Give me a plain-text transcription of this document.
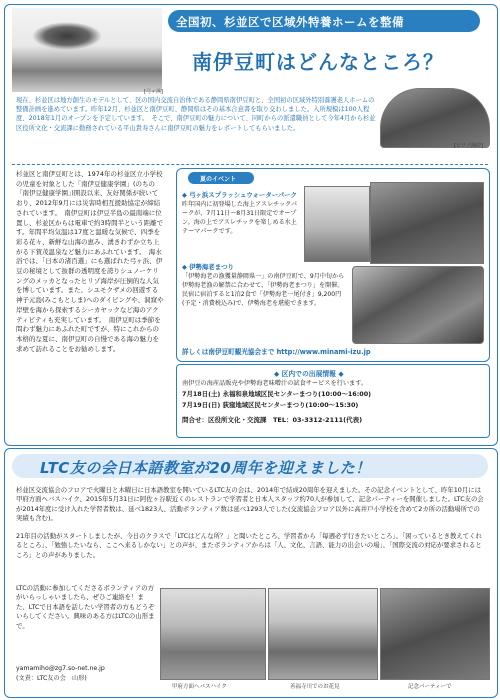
[弓ヶ浜]
全国初、杉並区で区域外特養ホームを整備
南伊豆町はどんなところ？
[ヒリゾ海岸]
現在、杉並区は地方創生のモデルとして、区の国内交流自治体である静岡県南伊豆町と、全国初の区域外特別養護老人ホームの整備計画を進めています。昨年12月、杉並区と南伊豆町、静岡県はその基本合意書を取り交わしました。入所規模は100人程度、2018年1月のオープンを予定しています。　そこで、南伊豆町の魅力について、同町からの派遣職員として今年4月から杉並区役所文化・交流課に勤務されている平山貴寿さんに南伊豆町の魅力をレポートしてもらいました。
杉並区と南伊豆町とは、1974年の杉並区立小学校の児童を対象とした「南伊豆健康学園」(のちの「南伊豆健康学園」)開設以来、友好関係が続いており、2012年9月には災害時相互援助協定が締結されています。　南伊豆町は伊豆半島の最南端に位置し、杉並区からは電車で約3時間半という距離です。年間平均気温は17度と温暖な気候で、四季を彩る花々、新鮮な山海の恵み、湧きわずか立ち上がる下賀茂温泉など魅力にあふれています。　海水浴では、「日本の渚百選」にも選ばれた弓ヶ浜、伊豆の秘境として抜群の透明度を誇りシュノーケリングのメッカとなったヒリゾ海岸が圧倒的な人気を博しています。また、シユモクザメの回遊する神子元島(みこもとしま)へのダイビングや、洞窟や岸壁を海から探索するシーカヤックなど海のアクティビティも充実しています。　南伊豆町は季節を問わず魅力にあふれた町ですが、特にこれからの本格的な夏に、南伊豆町の自慢である海の魅力を求めて訪れることをお勧めします。
夏のイベント
◆ 弓ヶ浜スプラッシュウォーターパーク
昨年国内に初登場した海上アスレチックパークが、7月11日～8月31日限定でオープン。海の上でアスレチックを楽しめる水上テーマパークです。
◆ 伊勢海老まつり
「伊勢海老の漁獲量静岡県一」の南伊豆町で、9月中旬から伊勢海老漁の解禁に合わせて、「伊勢海老まつり」を開催。民宿に宿泊すると1泊2食で「伊勢海老一尾付き」9,200円(予定・消費税込み)で、伊勢海老を堪能できます。
詳しくは南伊豆町観光協会まで http://www.minami-izu.jp
◆ 区内での出展情報 ◆
南伊豆の海産品販売や伊勢海老味噌汁の試食サービスを行います。
7月18日(土) 永福和泉地域区民センターまつり(10:00～16:00)
7月19日(日) 荻窪地域区民センターまつり(10:00～15:30)
問合せ：区役所文化・交流課　TEL：03-3312-2111(代表)
LTC友の会日本語教室が20周年を迎えました！
杉並区交流協会のフロアで火曜日と木曜日に日本語教室を開いているLTC友の会は、2014年で結成20周年を迎えました。その記念イベントとして、昨年10月には甲府方面へバスハイク、2015年5月31日に阿佐ヶ谷駅近くのレストランで学習者と日本人スタッフ約70人が参加して、記念パーティーを開催しました。LTC友の会が2014年度に受け入れた学習者数は、延べ1823人、活動ボランティア数は延べ1293人でした(交流協会フロア以外に高井戸小学校を含めて2カ所の活動場所での実績も含む)。
21年目の活動がスタートしましたが、今日のクラスで「LTCはどんな所？」と聞いたところ、学習者から「毎週必ず行きたいところ」、「困っているとき教えてくれるところ」、「勉強したいなら、ここへ来るしかない」との声が、またボランティアからは「人、文化、言語、能力の出会いの場」、「国際交流の対応が要求されるところ」との声がありました。
LTCの活動に参加してくださるボランティアの方がいらっしゃいましたら、ぜひご連絡を！また、LTCで日本語を話したい学習者の方もどうぞいらしてください。興味のある方はLTCの山形まで。
yamamiho@zg7.so-net.ne.jp
(文責：LTC友の会　山形)
甲府方面へバスハイク	善福寺川でのお花見	記念パーティーで
